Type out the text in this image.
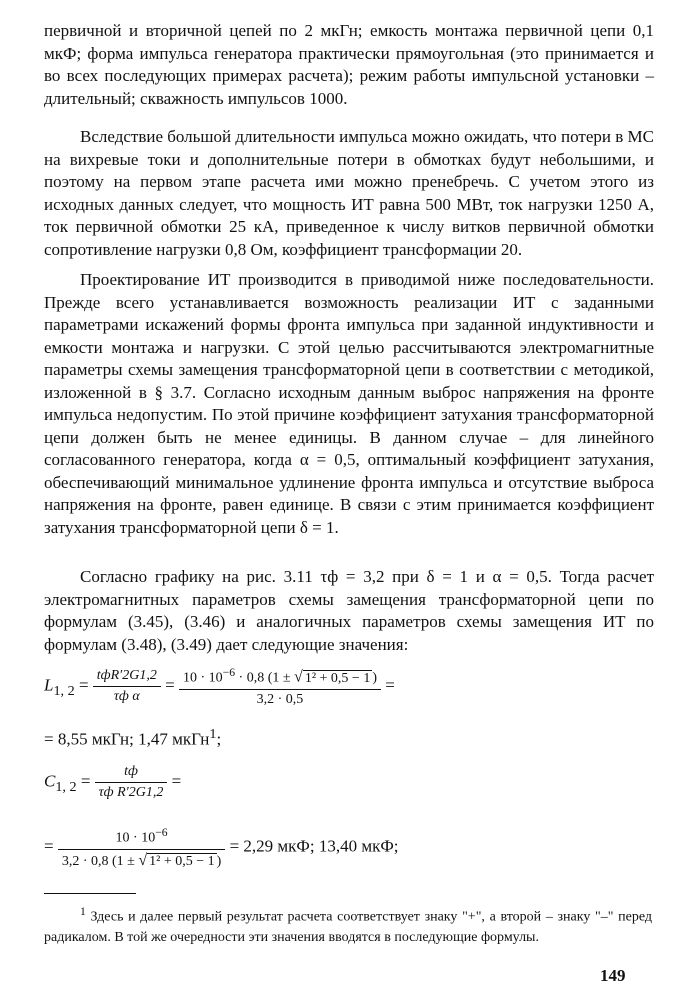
первичной и вторичной цепей по 2 мкГн; емкость монтажа первичной цепи 0,1 мкФ; форма импульса генератора практически прямоугольная (это принимается и во всех последующих примерах расчета); режим работы импульсной установки – длительный; скважность импульсов 1000.

Вследствие большой длительности импульса можно ожидать, что потери в МС на вихревые токи и дополнительные потери в обмотках будут небольшими, и поэтому на первом этапе расчета ими можно пренебречь. С учетом этого из исходных данных следует, что мощность ИТ равна 500 МВт, ток нагрузки 1250 А, ток первичной обмотки 25 кА, приведенное к числу витков первичной обмотки сопротивление нагрузки 0,8 Ом, коэффициент трансформации 20.

Проектирование ИТ производится в приводимой ниже последовательности. Прежде всего устанавливается возможность реализации ИТ с заданными параметрами искажений формы фронта импульса при заданной индуктивности и емкости монтажа и нагрузки. С этой целью рассчитываются электромагнитные параметры схемы замещения трансформаторной цепи в соответствии с методикой, изложенной в § 3.7. Согласно исходным данным выброс напряжения на фронте импульса недопустим. По этой причине коэффициент затухания трансформаторной цепи должен быть не менее единицы. В данном случае – для линейного согласованного генератора, когда α = 0,5, оптимальный коэффициент затухания, обеспечивающий минимальное удлинение фронта импульса и отсутствие выброса напряжения на фронте, равен единице. В связи с этим принимается коэффициент затухания трансформаторной цепи δ = 1.

Согласно графику на рис. 3.11 τф = 3,2 при δ = 1 и α = 0,5. Тогда расчет электромагнитных параметров схемы замещения трансформаторной цепи по формулам (3.45), (3.46) и аналогичных параметров схемы замещения ИТ по формулам (3.48), (3.49) дает следующие значения:

$L_{1, 2} = \frac{\text{tфR′2G1,2}}{\text{τф α}} = \frac{10 \cdot 10^{-6} \cdot 0,8 (1 \pm √ 1^2 + 0,5 - 1 )}{3,2 \cdot 0,5}$ =
= 8,55 мкГн; 1,47 мкГн$^1$;
$C_{1, 2} = \frac{tф}{\text{τф R′2G1,2}}$ =
= $\frac{10 \cdot 10^{-6}}{\text{3,2 · 0,8 (1 ± √ 1² + 0,5 − 1 )}} = 2,29$ мкФ; 13,40 мкФ;

$^1$ Здесь и далее первый результат расчета соответствует знаку "+", а второй – знаку "–" перед радикалом. В той же очередности эти значения вводятся в последующие формулы.

149
